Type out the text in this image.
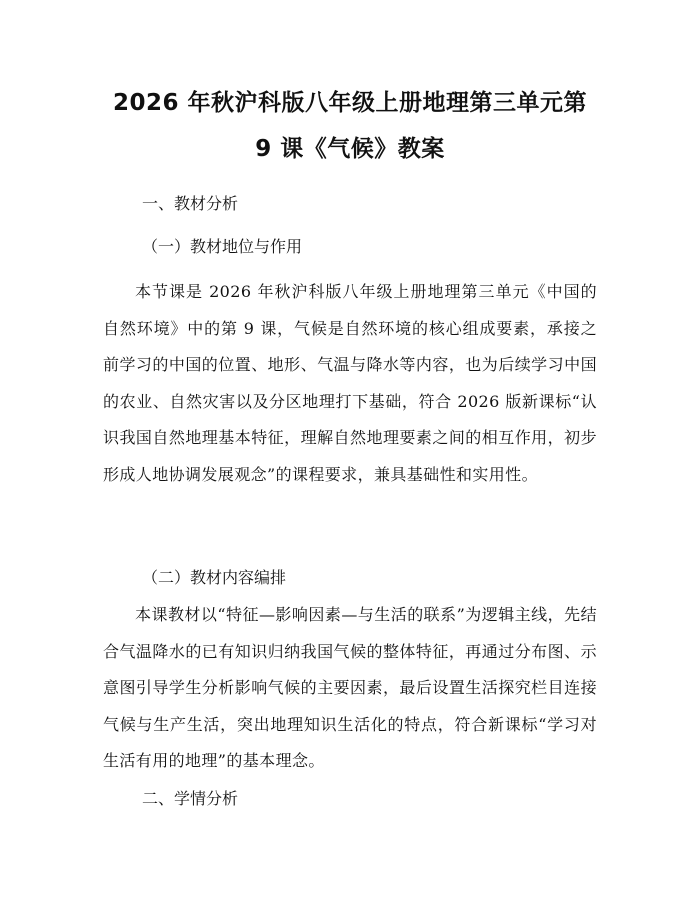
2026 年秋沪科版八年级上册地理第三单元第
9 课《气候》教案

一、教材分析

（一）教材地位与作用

本节课是 2026 年秋沪科版八年级上册地理第三单元《中国的自然环境》中的第 9 课，气候是自然环境的核心组成要素，承接之前学习的中国的位置、地形、气温与降水等内容，也为后续学习中国的农业、自然灾害以及分区地理打下基础，符合 2026 版新课标“认识我国自然地理基本特征，理解自然地理要素之间的相互作用，初步形成人地协调发展观念”的课程要求，兼具基础性和实用性。

（二）教材内容编排

本课教材以“特征—影响因素—与生活的联系”为逻辑主线，先结合气温降水的已有知识归纳我国气候的整体特征，再通过分布图、示意图引导学生分析影响气候的主要因素，最后设置生活探究栏目连接气候与生产生活，突出地理知识生活化的特点，符合新课标“学习对生活有用的地理”的基本理念。

二、学情分析
